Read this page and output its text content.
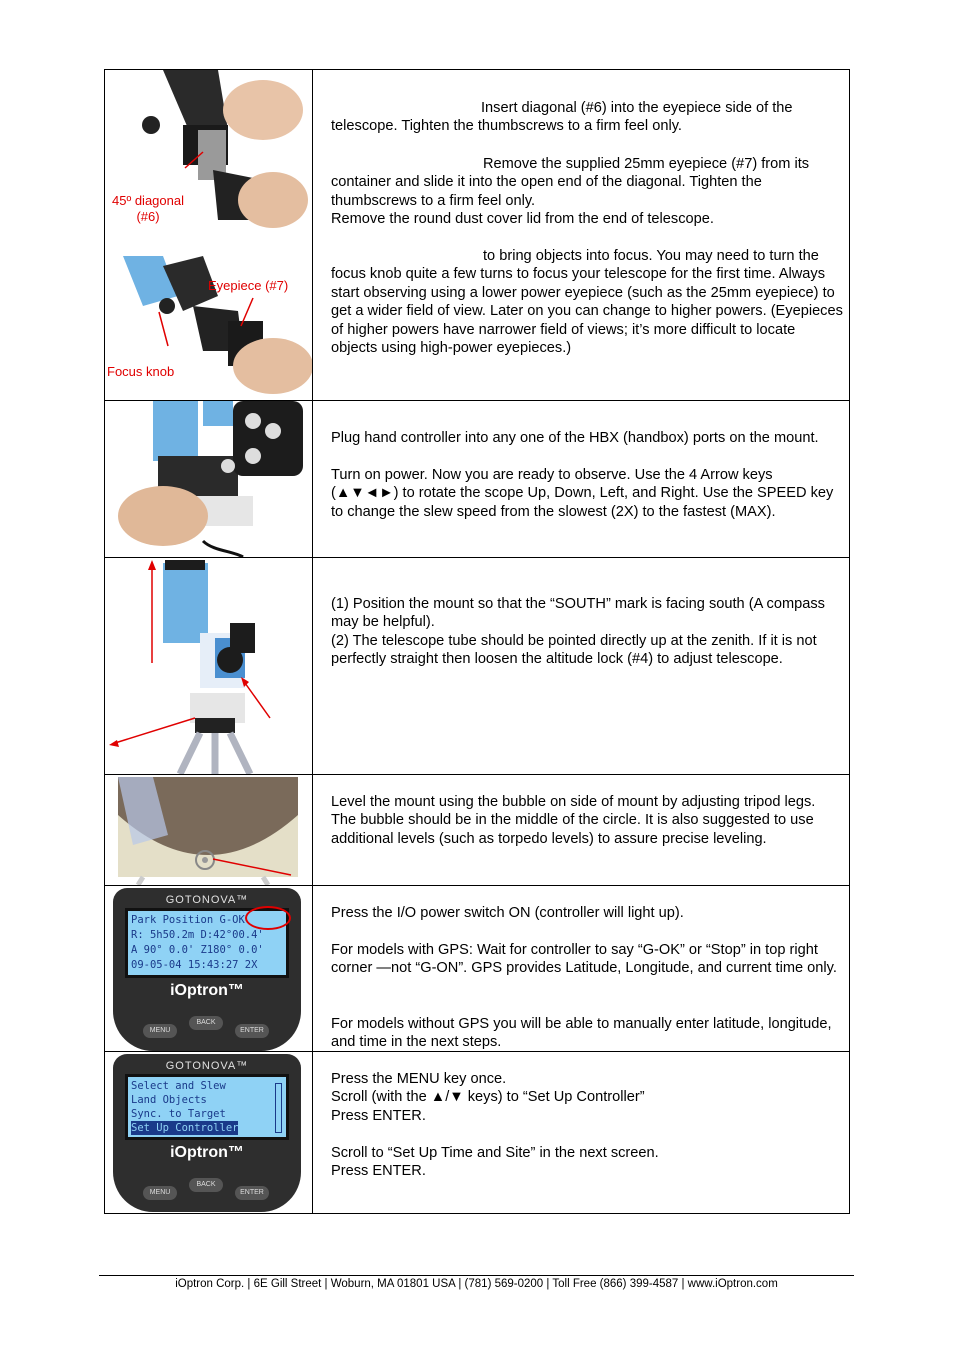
45º diagonal (#6)
Eyepiece (#7)
Focus knob

Insert diagonal (#6) into the eyepiece side of the telescope. Tighten the thumbscrews to a firm feel only.

Remove the supplied 25mm eyepiece (#7) from its container and slide it into the open end of the diagonal. Tighten the thumbscrews to a firm feel only.

Remove the round dust cover lid from the end of telescope.

to bring objects into focus. You may need to turn the focus knob quite a few turns to focus your telescope for the first time. Always start observing using a lower power eyepiece (such as the 25mm eyepiece) to get a wider field of view. Later on you can change to higher powers. (Eyepieces of higher powers have narrower field of views; it’s more difficult to locate objects using high-power eyepieces.)

Plug hand controller into any one of the HBX (handbox) ports on the mount.

Turn on power. Now you are ready to observe. Use the 4 Arrow keys (▲▼◄►) to rotate the scope Up, Down, Left, and Right. Use the SPEED key to change the slew speed from the slowest (2X) to the fastest (MAX).

(1) Position the mount so that the “SOUTH” mark is facing south (A compass may be helpful).

(2) The telescope tube should be pointed directly up at the zenith. If it is not perfectly straight then loosen the altitude lock (#4) to adjust telescope.

Level the mount using the bubble on side of mount by adjusting tripod legs. The bubble should be in the middle of the circle. It is also suggested to use additional levels (such as torpedo levels) to assure precise leveling.

GOTONOVA™
Park Position G-OK
R: 5h50.2m D:42°00.4'
A 90° 0.0' Z180° 0.0'
09-05-04 15:43:27 2X
iOptron™
MENU
BACK
ENTER

Press the I/O power switch ON (controller will light up).

For models with GPS: Wait for controller to say “G-OK” or “Stop” in top right corner —not “G-ON”. GPS provides Latitude, Longitude, and current time only.

For models without GPS you will be able to manually enter latitude, longitude, and time in the next steps.

GOTONOVA™
Select and Slew
Land Objects
Sync. to Target
Set Up Controller
iOptron™
MENU
BACK
ENTER

Press the MENU key once.

Scroll (with the ▲/▼ keys) to “Set Up Controller”

Press ENTER.

Scroll to “Set Up Time and Site” in the next screen.

Press ENTER.

iOptron Corp. | 6E Gill Street | Woburn, MA 01801 USA | (781) 569-0200 | Toll Free (866) 399-4587 | www.iOptron.com
